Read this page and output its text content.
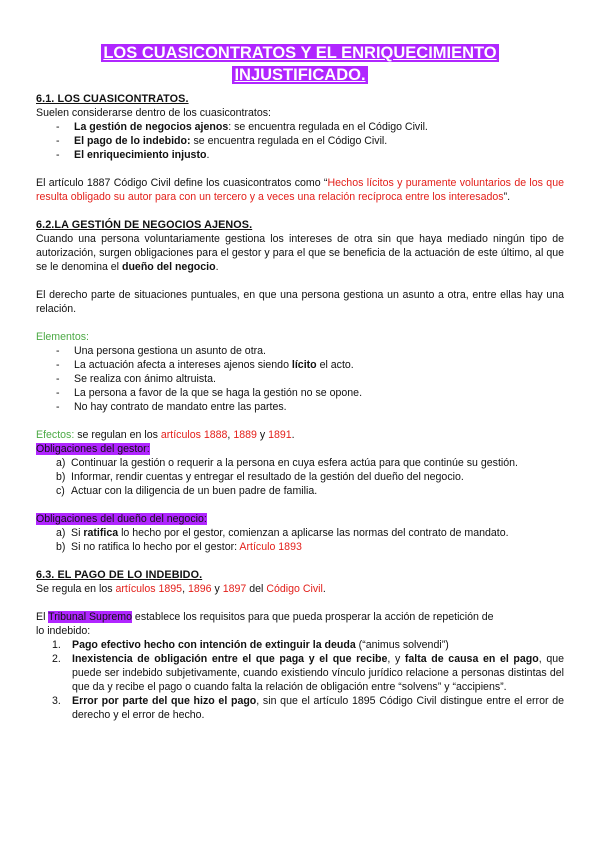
LOS CUASICONTRATOS Y EL ENRIQUECIMIENTO
INJUSTIFICADO.
6.1. LOS CUASICONTRATOS.

Suelen considerarse dentro de los cuasicontratos:

- La gestión de negocios ajenos: se encuentra regulada en el Código Civil.
- El pago de lo indebido: se encuentra regulada en el Código Civil.
- El enriquecimiento injusto.

El artículo 1887 Código Civil define los cuasicontratos como “Hechos lícitos y puramente voluntarios de los que resulta obligado su autor para con un tercero y a veces una relación recíproca entre los interesados”.

6.2.LA GESTIÓN DE NEGOCIOS AJENOS.

Cuando una persona voluntariamente gestiona los intereses de otra sin que haya mediado ningún tipo de autorización, surgen obligaciones para el gestor y para el que se beneficia de la actuación de este último, al que se le denomina el dueño del negocio.

El derecho parte de situaciones puntuales, en que una persona gestiona un asunto a otra, entre ellas hay una relación.

Elementos:

- Una persona gestiona un asunto de otra.
- La actuación afecta a intereses ajenos siendo lícito el acto.
- Se realiza con ánimo altruista.
- La persona a favor de la que se haga la gestión no se opone.
- No hay contrato de mandato entre las partes.

Efectos: se regulan en los artículos 1888, 1889 y 1891.

Obligaciones del gestor:

a) Continuar la gestión o requerir a la persona en cuya esfera actúa para que continúe su gestión.
b) Informar, rendir cuentas y entregar el resultado de la gestión del dueño del negocio.
c) Actuar con la diligencia de un buen padre de familia.

Obligaciones del dueño del negocio:

a) Si ratifica lo hecho por el gestor, comienzan a aplicarse las normas del contrato de mandato.
b) Si no ratifica lo hecho por el gestor: Artículo 1893
6.3. EL PAGO DE LO INDEBIDO.

Se regula en los artículos 1895, 1896 y 1897 del Código Civil.

El Tribunal Supremo establece los requisitos para que pueda prosperar la acción de repetición de lo indebido:

1. Pago efectivo hecho con intención de extinguir la deuda (“animus solvendi”)
2. Inexistencia de obligación entre el que paga y el que recibe, y falta de causa en el pago, que puede ser indebido subjetivamente, cuando existiendo vínculo jurídico relacione a personas distintas del que da y recibe el pago o cuando falta la relación de obligación entre “solvens” y “accipiens”.
3. Error por parte del que hizo el pago, sin que el artículo 1895 Código Civil distingue entre el error de derecho y el error de hecho.
